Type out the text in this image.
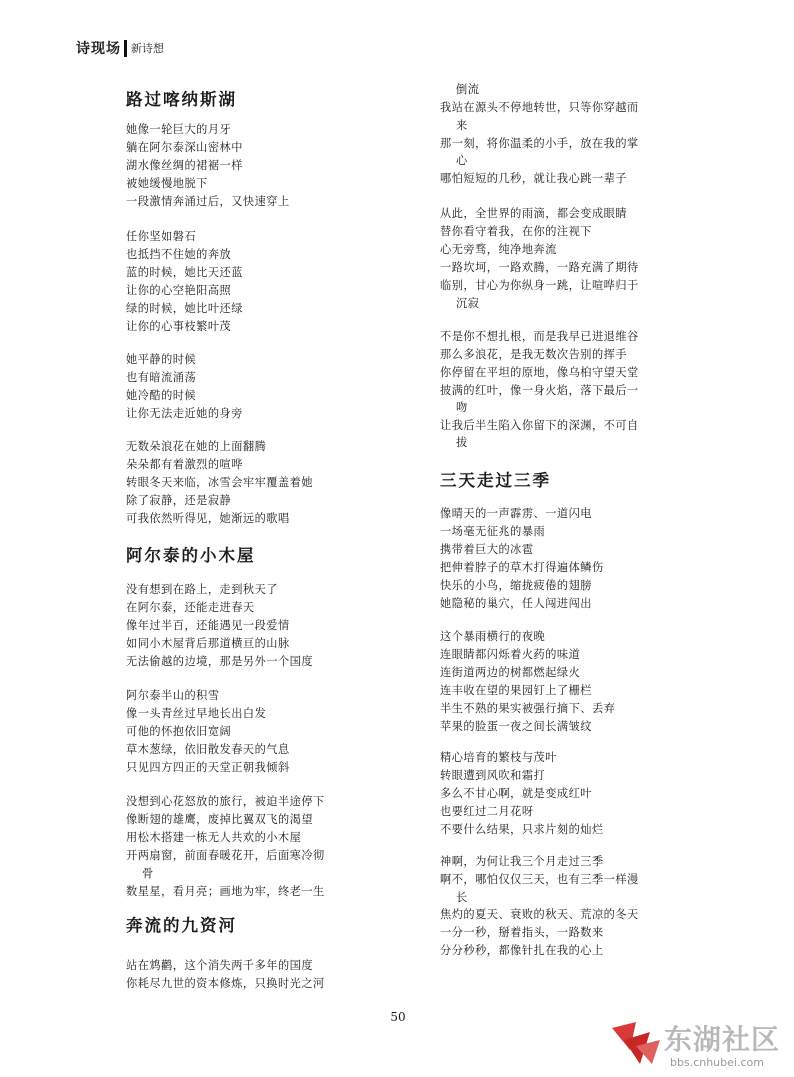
诗现场 新诗想
路过喀纳斯湖
她像一轮巨大的月牙
躺在阿尔泰深山密林中
湖水像丝绸的裙裾一样
被她缓慢地脱下
一段激情奔涌过后，又快速穿上
任你坚如磐石
也抵挡不住她的奔放
蓝的时候，她比天还蓝
让你的心空艳阳高照
绿的时候，她比叶还绿
让你的心事枝繁叶茂
她平静的时候
也有暗流涌荡
她冷酷的时候
让你无法走近她的身旁
无数朵浪花在她的上面翻腾
朵朵都有着激烈的喧哗
转眼冬天来临，冰雪会牢牢覆盖着她
除了寂静，还是寂静
可我依然听得见，她渐远的歌唱
阿尔泰的小木屋
没有想到在路上，走到秋天了
在阿尔泰，还能走进春天
像年过半百，还能遇见一段爱情
如同小木屋背后那道横亘的山脉
无法偷越的边境，那是另外一个国度
阿尔泰半山的积雪
像一头青丝过早地长出白发
可他的怀抱依旧宽阔
草木葱绿，依旧散发春天的气息
只见四方四正的天堂正朝我倾斜
没想到心花怒放的旅行，被迫半途停下
像断翅的雄鹰，废掉比翼双飞的渴望
用松木搭建一栋无人共欢的小木屋
开两扇窗，前面春暖花开，后面寒冷彻
骨
数星星，看月亮；画地为牢，终老一生
奔流的九资河
站在鸩鹳，这个消失两千多年的国度
你耗尽九世的资本修炼，只换时光之河
倒流
我站在源头不停地转世，只等你穿越而
来
那一刻，将你温柔的小手，放在我的掌
心
哪怕短短的几秒，就让我心跳一辈子
从此，全世界的雨滴，都会变成眼睛
替你看守着我，在你的注视下
心无旁骛，纯净地奔流
一路坎坷，一路欢腾，一路充满了期待
临别，甘心为你纵身一跳，让喧哗归于
沉寂
不是你不想扎根，而是我早已进退维谷
那么多浪花，是我无数次告别的挥手
你停留在平坦的原地，像乌桕守望天堂
披满的红叶，像一身火焰，落下最后一
吻
让我后半生陷入你留下的深渊，不可自
拔
三天走过三季
像晴天的一声霹雳、一道闪电
一场毫无征兆的暴雨
携带着巨大的冰雹
把伸着脖子的草木打得遍体鳞伤
快乐的小鸟，缩拢疲倦的翅膀
她隐秘的巢穴，任人闯进闯出
这个暴雨横行的夜晚
连眼睛都闪烁着火药的味道
连街道两边的树都燃起绿火
连丰收在望的果园钉上了栅栏
半生不熟的果实被强行摘下、丢弃
苹果的脸蛋一夜之间长满皱纹
精心培育的繁枝与茂叶
转眼遭到风吹和霜打
多么不甘心啊，就是变成红叶
也要红过二月花呀
不要什么结果，只求片刻的灿烂
神啊，为何让我三个月走过三季
啊不，哪怕仅仅三天，也有三季一样漫
长
焦灼的夏天、衰败的秋天、荒凉的冬天
一分一秒，掰着指头，一路数来
分分秒秒，都像针扎在我的心上
50
东湖社区
bbs.cnhubei.com
